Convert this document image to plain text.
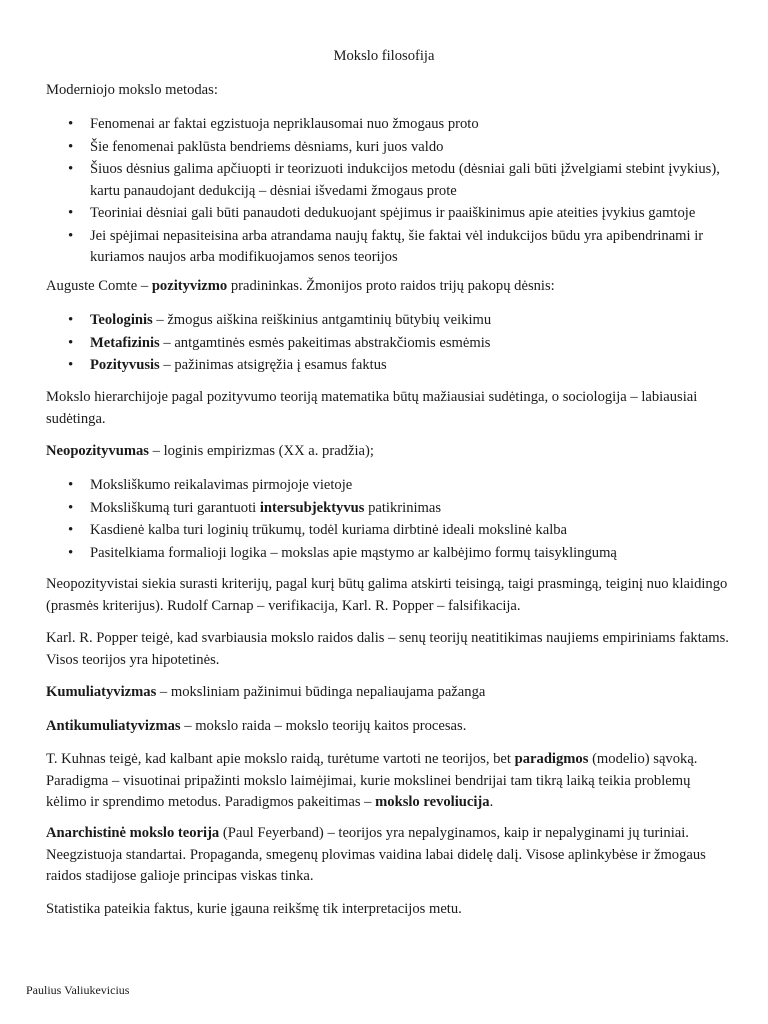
Mokslo filosofija
Moderniojo mokslo metodas:
• Fenomenai ar faktai egzistuoja nepriklausomai nuo žmogaus proto
• Šie fenomenai paklūsta bendriems dėsniams, kuri juos valdo
• Šiuos dėsnius galima apčiuopti ir teorizuoti indukcijos metodu (dėsniai gali būti įžvelgiami stebint įvykius), kartu panaudojant dedukciją – dėsniai išvedami žmogaus prote
• Teoriniai dėsniai gali būti panaudoti dedukuojant spėjimus ir paaiškinimus apie ateities įvykius gamtoje
• Jei spėjimai nepasiteisina arba atrandama naujų faktų, šie faktai vėl indukcijos būdu yra apibendrinami ir kuriamos naujos arba modifikuojamos senos teorijos
Auguste Comte – pozityvizmo pradininkas. Žmonijos proto raidos trijų pakopų dėsnis:
• Teologinis – žmogus aiškina reiškinius antgamtinių būtybių veikimu
• Metafizinis – antgamtinės esmės pakeitimas abstrakčiomis esmėmis
• Pozityvusis – pažinimas atsigręžia į esamus faktus
Mokslo hierarchijoje pagal pozityvumo teoriją matematika būtų mažiausiai sudėtinga, o sociologija – labiausiai sudėtinga.
Neopozityvumas – loginis empirizmas (XX a. pradžia);
• Moksliškumo reikalavimas pirmojoje vietoje
• Moksliškumą turi garantuoti intersubjektyvus patikrinimas
• Kasdienė kalba turi loginių trūkumų, todėl kuriama dirbtinė ideali mokslinė kalba
• Pasitelkiama formalioji logika – mokslas apie mąstymo ar kalbėjimo formų taisyklingumą
Neopozityvistai siekia surasti kriterijų, pagal kurį būtų galima atskirti teisingą, taigi prasmingą, teiginį nuo klaidingo (prasmės kriterijus). Rudolf Carnap – verifikacija, Karl. R. Popper – falsifikacija.
Karl. R. Popper teigė, kad svarbiausia mokslo raidos dalis – senų teorijų neatitikimas naujiems empiriniams faktams. Visos teorijos yra hipotetinės.
Kumuliatyvizmas – moksliniam pažinimui būdinga nepaliaujama pažanga
Antikumuliatyvizmas – mokslo raida – mokslo teorijų kaitos procesas.
T. Kuhnas teigė, kad kalbant apie mokslo raidą, turėtume vartoti ne teorijos, bet paradigmos (modelio) sąvoką. Paradigma – visuotinai pripažinti mokslo laimėjimai, kurie mokslinei bendrijai tam tikrą laiką teikia problemų kėlimo ir sprendimo metodus. Paradigmos pakeitimas – mokslo revoliucija.
Anarchistinė mokslo teorija (Paul Feyerband) – teorijos yra nepalyginamos, kaip ir nepalyginami jų turiniai. Neegzistuoja standartai. Propaganda, smegenų plovimas vaidina labai didelę dalį. Visose aplinkybėse ir žmogaus raidos stadijose galioje principas viskas tinka.
Statistika pateikia faktus, kurie įgauna reikšmę tik interpretacijos metu.
Paulius Valiukevicius
